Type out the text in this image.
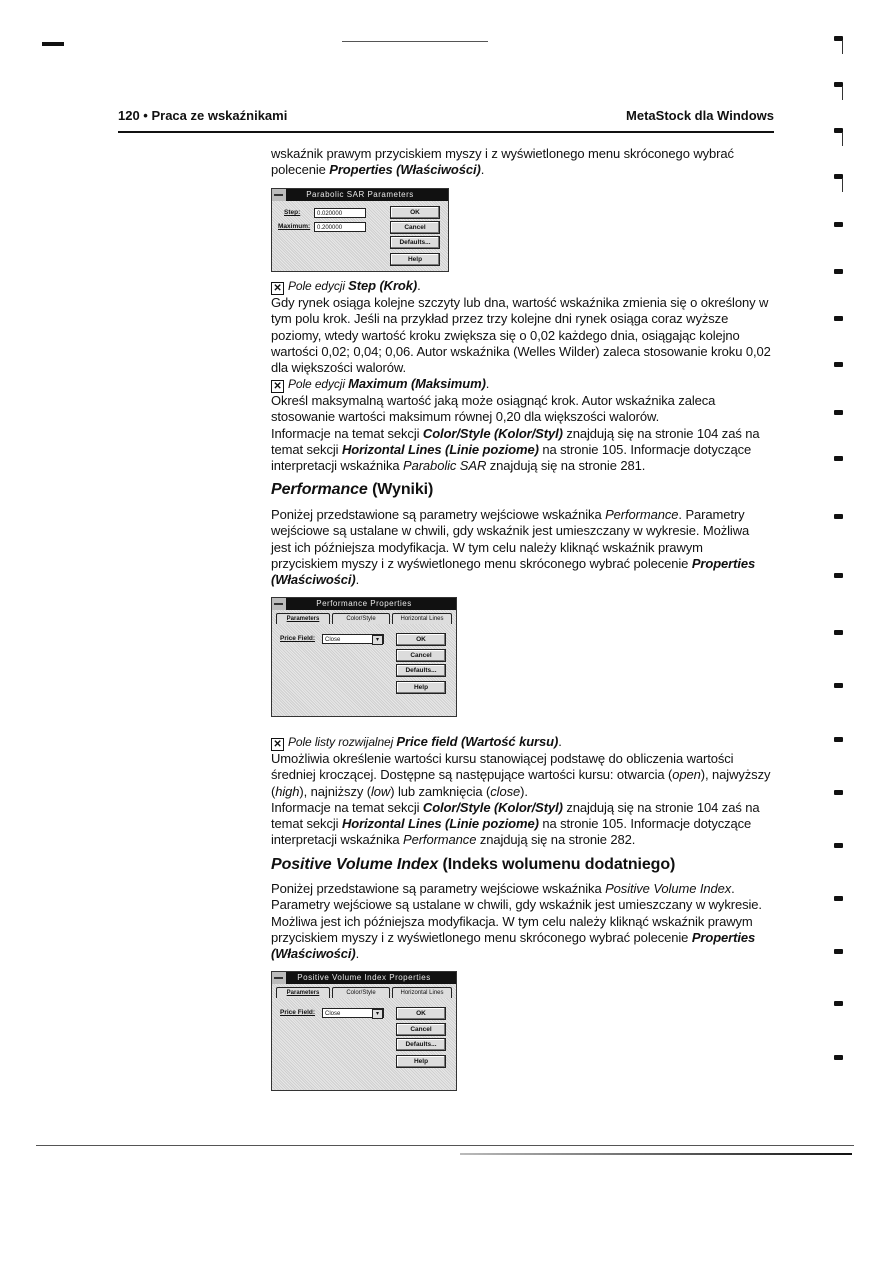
120 • Praca ze wskaźnikami	MetaStock dla Windows

wskaźnik prawym przyciskiem myszy i z wyświetlonego menu skróconego wybrać polecenie Properties (Właściwości).

Parabolic SAR Parameters
Step:	0.020000
Maximum:	0.200000
OK
Cancel
Defaults...
Help

✕ Pole edycji Step (Krok).

Gdy rynek osiąga kolejne szczyty lub dna, wartość wskaźnika zmienia się o określony w tym polu krok. Jeśli na przykład przez trzy kolejne dni rynek osiąga coraz wyższe poziomy, wtedy wartość kroku zwiększa się o 0,02 każdego dnia, osiągając kolejno wartości 0,02; 0,04; 0,06. Autor wskaźnika (Welles Wilder) zaleca stosowanie kroku 0,02 dla większości walorów.

✕ Pole edycji Maximum (Maksimum).

Określ maksymalną wartość jaką może osiągnąć krok. Autor wskaźnika zaleca stosowanie wartości maksimum równej 0,20 dla większości walorów.

Informacje na temat sekcji Color/Style (Kolor/Styl) znajdują się na stronie 104 zaś na temat sekcji Horizontal Lines (Linie poziome) na stronie 105. Informacje dotyczące interpretacji wskaźnika Parabolic SAR znajdują się na stronie 281.

Performance (Wyniki)

Poniżej przedstawione są parametry wejściowe wskaźnika Performance. Parametry wejściowe są ustalane w chwili, gdy wskaźnik jest umieszczany w wykresie. Możliwa jest ich późniejsza modyfikacja. W tym celu należy kliknąć wskaźnik prawym przyciskiem myszy i z wyświetlonego menu skróconego wybrać polecenie Properties (Właściwości).

Performance Properties
Parameters	Color/Style	Horizontal Lines
Price Field:	Close	▾	OK
Cancel
Defaults...
Help

✕ Pole listy rozwijalnej Price field (Wartość kursu).

Umożliwia określenie wartości kursu stanowiącej podstawę do obliczenia wartości średniej kroczącej. Dostępne są następujące wartości kursu: otwarcia (open), najwyższy (high), najniższy (low) lub zamknięcia (close).

Informacje na temat sekcji Color/Style (Kolor/Styl) znajdują się na stronie 104 zaś na temat sekcji Horizontal Lines (Linie poziome) na stronie 105. Informacje dotyczące interpretacji wskaźnika Performance znajdują się na stronie 282.

Positive Volume Index (Indeks wolumenu dodatniego)

Poniżej przedstawione są parametry wejściowe wskaźnika Positive Volume Index. Parametry wejściowe są ustalane w chwili, gdy wskaźnik jest umieszczany w wykresie. Możliwa jest ich późniejsza modyfikacja. W tym celu należy kliknąć wskaźnik prawym przyciskiem myszy i z wyświetlonego menu skróconego wybrać polecenie Properties (Właściwości).

Positive Volume Index Properties
Parameters	Color/Style	Horizontal Lines
Price Field:	Close	▾	OK
Cancel
Defaults...
Help
